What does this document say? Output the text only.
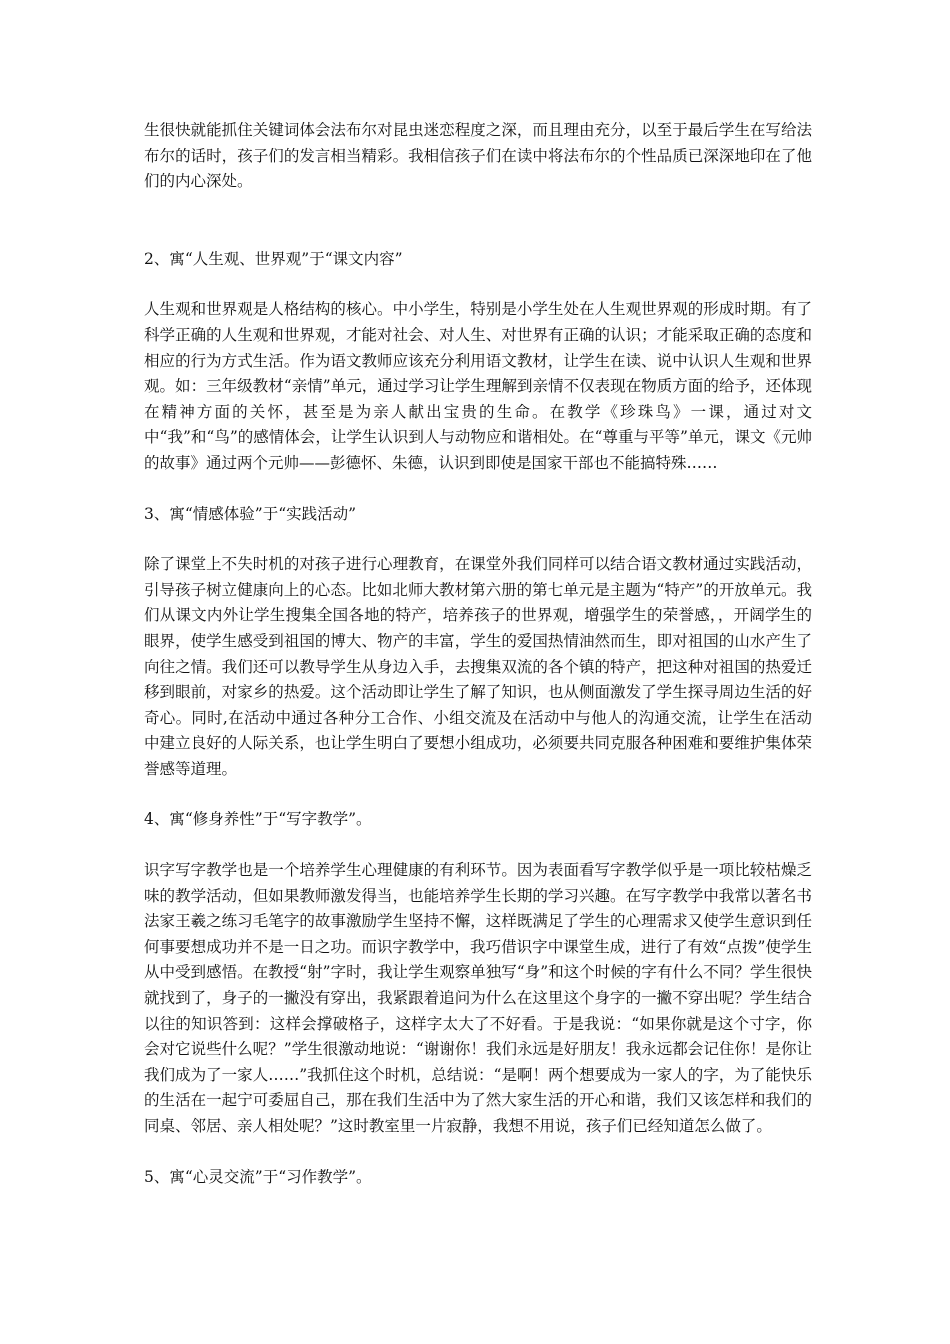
生很快就能抓住关键词体会法布尔对昆虫迷恋程度之深，而且理由充分，以至于最后学生在写给法布尔的话时，孩子们的发言相当精彩。我相信孩子们在读中将法布尔的个性品质已深深地印在了他们的内心深处。

2、寓“人生观、世界观”于“课文内容”

人生观和世界观是人格结构的核心。中小学生，特别是小学生处在人生观世界观的形成时期。有了科学正确的人生观和世界观，才能对社会、对人生、对世界有正确的认识；才能采取正确的态度和相应的行为方式生活。作为语文教师应该充分利用语文教材，让学生在读、说中认识人生观和世界观。如：三年级教材“亲情”单元，通过学习让学生理解到亲情不仅表现在物质方面的给予，还体现在精神方面的关怀，甚至是为亲人献出宝贵的生命。在教学《珍珠鸟》一课，通过对文中“我”和“鸟”的感情体会，让学生认识到人与动物应和谐相处。在“尊重与平等”单元，课文《元帅的故事》通过两个元帅——彭德怀、朱德，认识到即使是国家干部也不能搞特殊……

3、寓“情感体验”于“实践活动”

除了课堂上不失时机的对孩子进行心理教育，在课堂外我们同样可以结合语文教材通过实践活动，引导孩子树立健康向上的心态。比如北师大教材第六册的第七单元是主题为“特产”的开放单元。我们从课文内外让学生搜集全国各地的特产，培养孩子的世界观，增强学生的荣誉感，，开阔学生的眼界，使学生感受到祖国的博大、物产的丰富，学生的爱国热情油然而生，即对祖国的山水产生了向往之情。我们还可以教导学生从身边入手，去搜集双流的各个镇的特产，把这种对祖国的热爱迁移到眼前，对家乡的热爱。这个活动即让学生了解了知识，也从侧面激发了学生探寻周边生活的好奇心。同时,在活动中通过各种分工合作、小组交流及在活动中与他人的沟通交流，让学生在活动中建立良好的人际关系，也让学生明白了要想小组成功，必须要共同克服各种困难和要维护集体荣誉感等道理。

4、寓“修身养性”于“写字教学”。

识字写字教学也是一个培养学生心理健康的有利环节。因为表面看写字教学似乎是一项比较枯燥乏味的教学活动，但如果教师激发得当，也能培养学生长期的学习兴趣。在写字教学中我常以著名书法家王羲之练习毛笔字的故事激励学生坚持不懈，这样既满足了学生的心理需求又使学生意识到任何事要想成功并不是一日之功。而识字教学中，我巧借识字中课堂生成，进行了有效“点拨”使学生从中受到感悟。在教授“射”字时，我让学生观察单独写“身”和这个时候的字有什么不同？学生很快就找到了，身子的一撇没有穿出，我紧跟着追问为什么在这里这个身字的一撇不穿出呢？学生结合以往的知识答到：这样会撑破格子，这样字太大了不好看。于是我说：“如果你就是这个寸字，你会对它说些什么呢？”学生很激动地说：“谢谢你！我们永远是好朋友！我永远都会记住你！是你让我们成为了一家人……”我抓住这个时机，总结说：“是啊！两个想要成为一家人的字，为了能快乐的生活在一起宁可委屈自己，那在我们生活中为了然大家生活的开心和谐，我们又该怎样和我们的同桌、邻居、亲人相处呢？”这时教室里一片寂静，我想不用说，孩子们已经知道怎么做了。

5、寓“心灵交流”于“习作教学”。
